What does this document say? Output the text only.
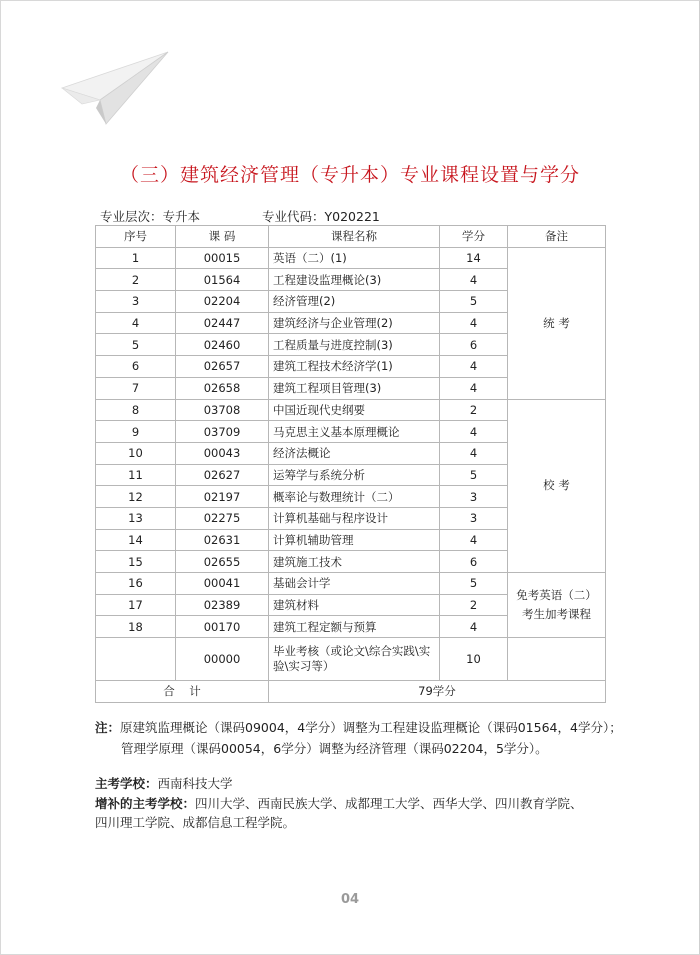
（三）建筑经济管理（专升本）专业课程设置与学分
专业层次：专升本	专业代码：Y020221
序号	课 码	课程名称	学分	备注
1	00015	英语（二）(1)	14	统 考
2	01564	工程建设监理概论(3)	4	
3	02204	经济管理(2)	5	
4	02447	建筑经济与企业管理(2)	4	
5	02460	工程质量与进度控制(3)	6	
6	02657	建筑工程技术经济学(1)	4	
7	02658	建筑工程项目管理(3)	4	
8	03708	中国近现代史纲要	2	校 考
9	03709	马克思主义基本原理概论	4	
10	00043	经济法概论	4	
11	02627	运筹学与系统分析	5	
12	02197	概率论与数理统计（二）	3	
13	02275	计算机基础与程序设计	3	
14	02631	计算机辅助管理	4	
15	02655	建筑施工技术	6	
16	00041	基础会计学	5	免考英语（二）
考生加考课程

17	02389	建筑材料	2	
18	00170	建筑工程定额与预算	4	
	00000	毕业考核（或论文\综合实践\实验\实习等）	10	
合    计		79学分		
注：原建筑监理概论（课码09004，4学分）调整为工程建设监理概论（课码01564，4学分）；
管理学原理（课码00054，6学分）调整为经济管理（课码02204，5学分）。
主考学校：西南科技大学
增补的主考学校：四川大学、西南民族大学、成都理工大学、西华大学、四川教育学院、
四川理工学院、成都信息工程学院。
04
